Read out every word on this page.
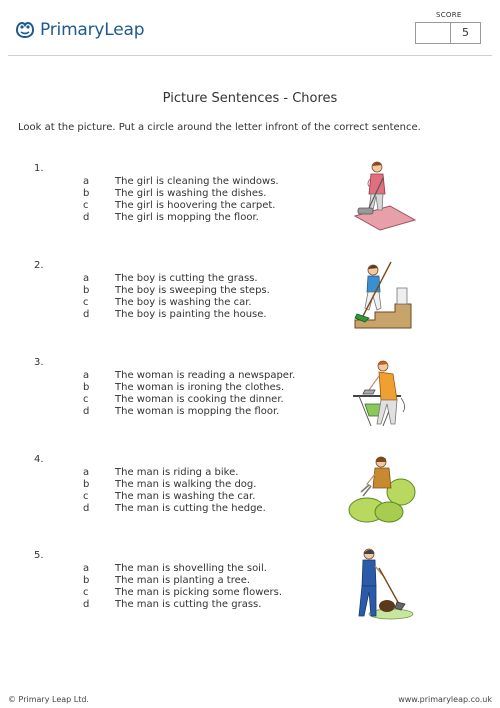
PrimaryLeap
SCORE
5
Picture Sentences - Chores
Look at the picture. Put a circle around the letter infront of the correct sentence.
1.
a	The girl is cleaning the windows.
b	The girl is washing the dishes.
c	The girl is hoovering the carpet.
d	The girl is mopping the floor.
2.
a	The boy is cutting the grass.
b	The boy is sweeping the steps.
c	The boy is washing the car.
d	The boy is painting the house.
3.
a	The woman is reading a newspaper.
b	The woman is ironing the clothes.
c	The woman is cooking the dinner.
d	The woman is mopping the floor.
4.
a	The man is riding a bike.
b	The man is walking the dog.
c	The man is washing the car.
d	The man is cutting the hedge.
5.
a	The man is shovelling the soil.
b	The man is planting a tree.
c	The man is picking some flowers.
d	The man is cutting the grass.
© Primary Leap Ltd.	www.primaryleap.co.uk
